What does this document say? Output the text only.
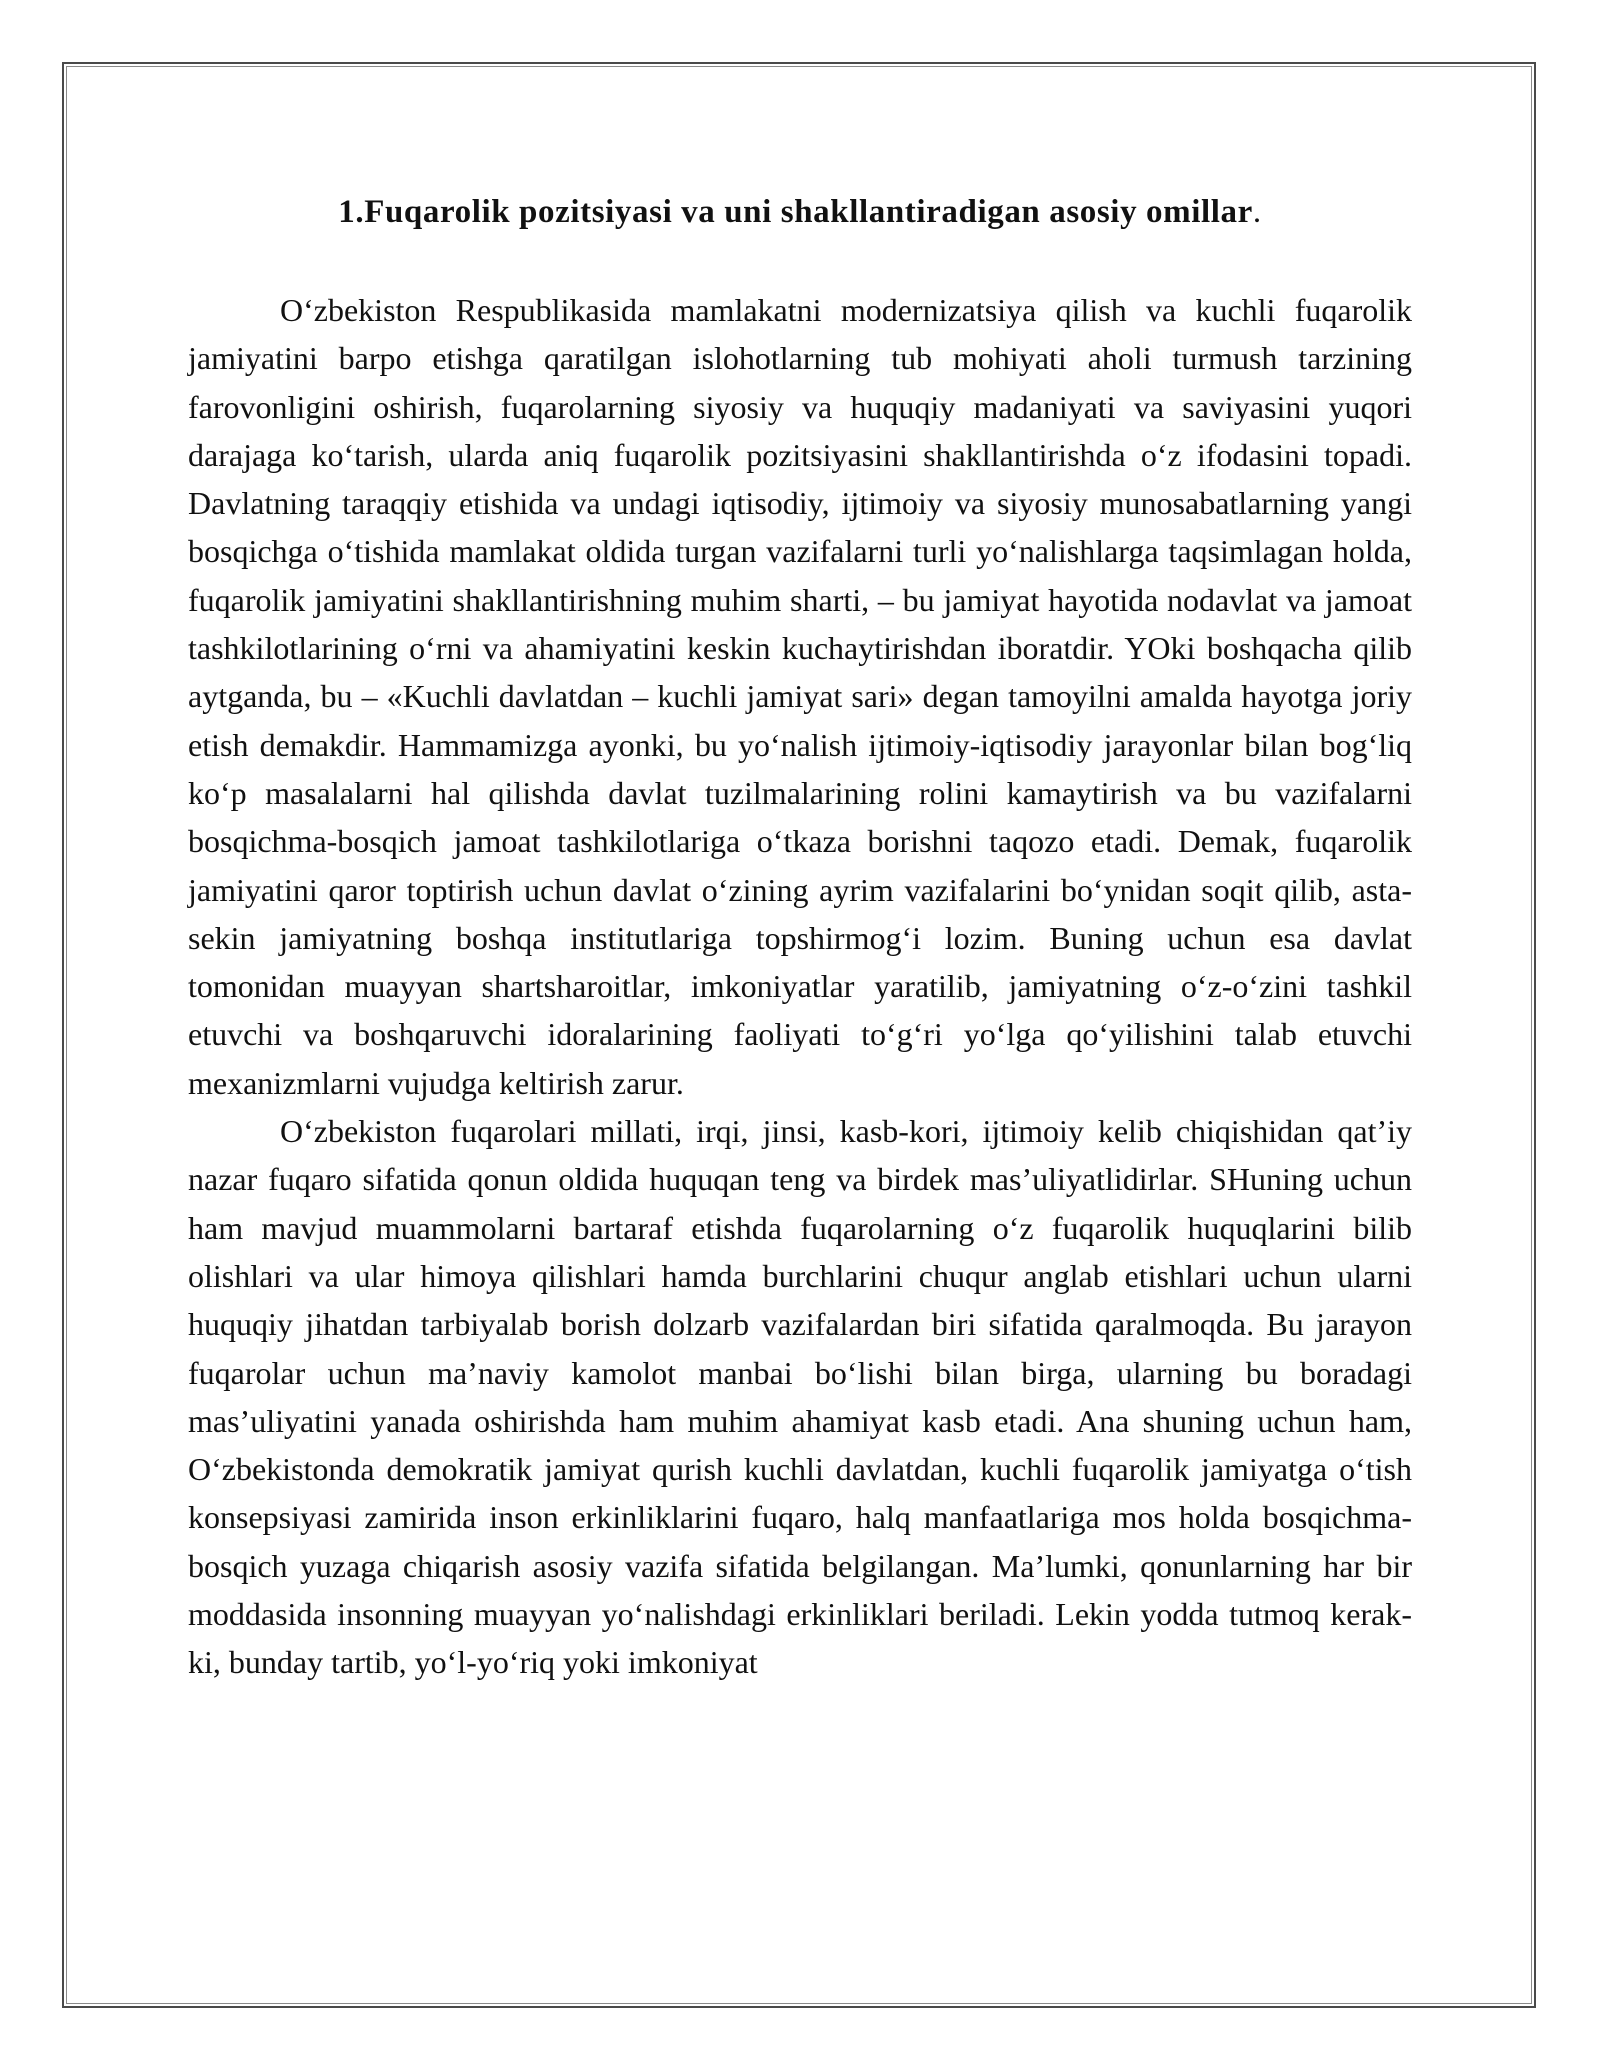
1.Fuqarolik pozitsiyasi va uni shakllantiradigan asosiy omillar.

O‘zbekiston Respublikasida mamlakatni modernizatsiya qilish va kuchli fuqarolik jamiyatini barpo etishga qaratilgan islohotlarning tub mohiyati aholi turmush tarzining farovonligini oshirish, fuqarolarning siyosiy va huquqiy madaniyati va saviyasini yuqori darajaga ko‘tarish, ularda aniq fuqarolik pozitsiyasini shakllantirishda o‘z ifodasini topadi. Davlatning taraqqiy etishida va undagi iqtisodiy, ijtimoiy va siyosiy munosabatlarning yangi bosqichga o‘tishida mamlakat oldida turgan vazifalarni turli yo‘nalishlarga taqsimlagan holda, fuqarolik jamiyatini shakllantirishning muhim sharti, – bu jamiyat hayotida nodavlat va jamoat tashkilotlarining o‘rni va ahamiyatini keskin kuchaytirishdan iboratdir. YOki boshqacha qilib aytganda, bu – «Kuchli davlatdan – kuchli jamiyat sari» degan tamoyilni amalda hayotga joriy etish demakdir. Hammamizga ayonki, bu yo‘nalish ijtimoiy-iqtisodiy jarayonlar bilan bog‘liq ko‘p masalalarni hal qilishda davlat tuzilmalarining rolini kamaytirish va bu vazifalarni bosqichma-bosqich jamoat tashkilotlariga o‘tkaza borishni taqozo etadi. Demak, fuqarolik jamiyatini qaror toptirish uchun davlat o‘zining ayrim vazifalarini bo‘ynidan soqit qilib, asta-sekin jamiyatning boshqa institutlariga topshirmog‘i lozim. Buning uchun esa davlat tomonidan muayyan shartsharoitlar, imkoniyatlar yaratilib, jamiyatning o‘z-o‘zini tashkil etuvchi va boshqaruvchi idoralarining faoliyati to‘g‘ri yo‘lga qo‘yilishini talab etuvchi mexanizmlarni vujudga keltirish zarur.

O‘zbekiston fuqarolari millati, irqi, jinsi, kasb-kori, ijtimoiy kelib chiqishidan qat’iy nazar fuqaro sifatida qonun oldida huquqan teng va birdek mas’uliyatlidirlar. SHuning uchun ham mavjud muammolarni bartaraf etishda fuqarolarning o‘z fuqarolik huquqlarini bilib olishlari va ular himoya qilishlari hamda burchlarini chuqur anglab etishlari uchun ularni huquqiy jihatdan tarbiyalab borish dolzarb vazifalardan biri sifatida qaralmoqda. Bu jarayon fuqarolar uchun ma’naviy kamolot manbai bo‘lishi bilan birga, ularning bu boradagi mas’uliyatini yanada oshirishda ham muhim ahamiyat kasb etadi. Ana shuning uchun ham, O‘zbekistonda demokratik jamiyat qurish kuchli davlatdan, kuchli fuqarolik jamiyatga o‘tish konsepsiyasi zamirida inson erkinliklarini fuqaro, halq manfaatlariga mos holda bosqichma-bosqich yuzaga chiqarish asosiy vazifa sifatida belgilangan. Ma’lumki, qonunlarning har bir moddasida insonning muayyan yo‘nalishdagi erkinliklari beriladi. Lekin yodda tutmoq kerak-ki, bunday tartib, yo‘l-yo‘riq yoki imkoniyat
